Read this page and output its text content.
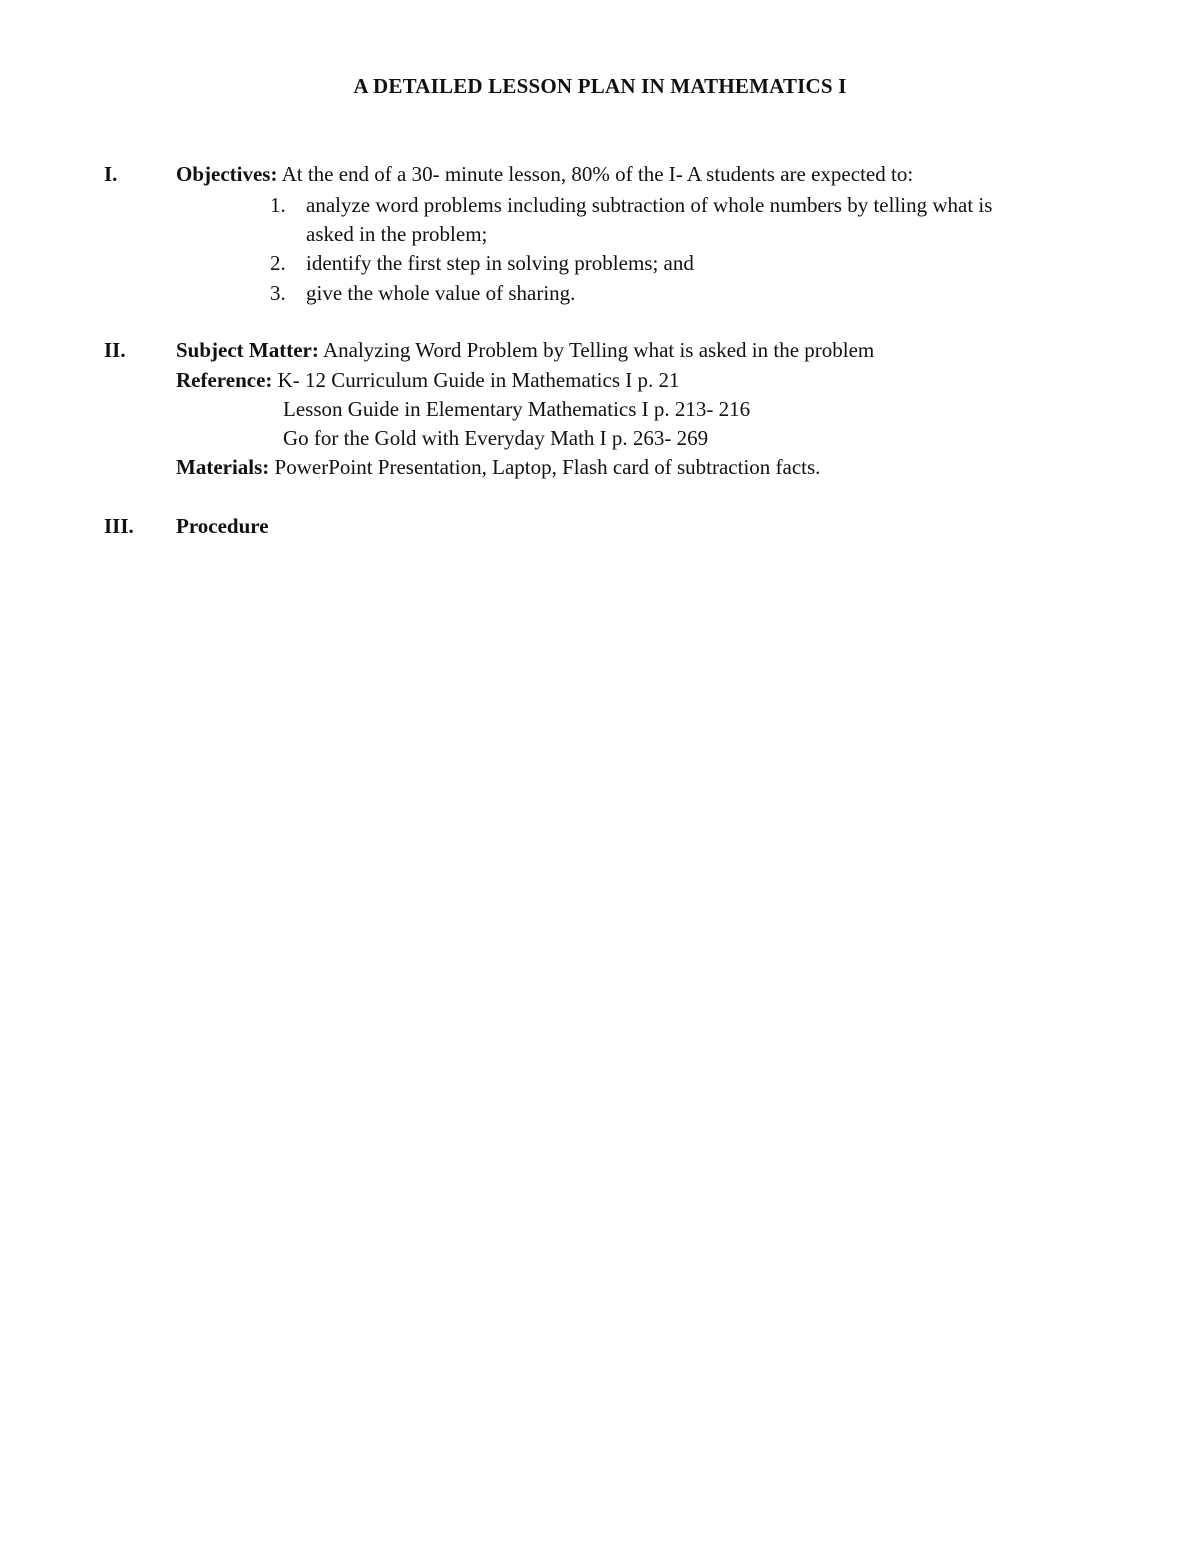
A DETAILED LESSON PLAN IN MATHEMATICS I
I.	Objectives: At the end of a 30- minute lesson, 80% of the I- A students are expected to:
1. analyze word problems including subtraction of whole numbers by telling what is
asked in the problem;
2. identify the first step in solving problems; and
3. give the whole value of sharing.
II. Subject Matter: Analyzing Word Problem by Telling what is asked in the problem
Reference: K- 12 Curriculum Guide in Mathematics I p. 21
Lesson Guide in Elementary Mathematics I p. 213- 216
Go for the Gold with Everyday Math I p. 263- 269
Materials: PowerPoint Presentation, Laptop, Flash card of subtraction facts.
III. Procedure
